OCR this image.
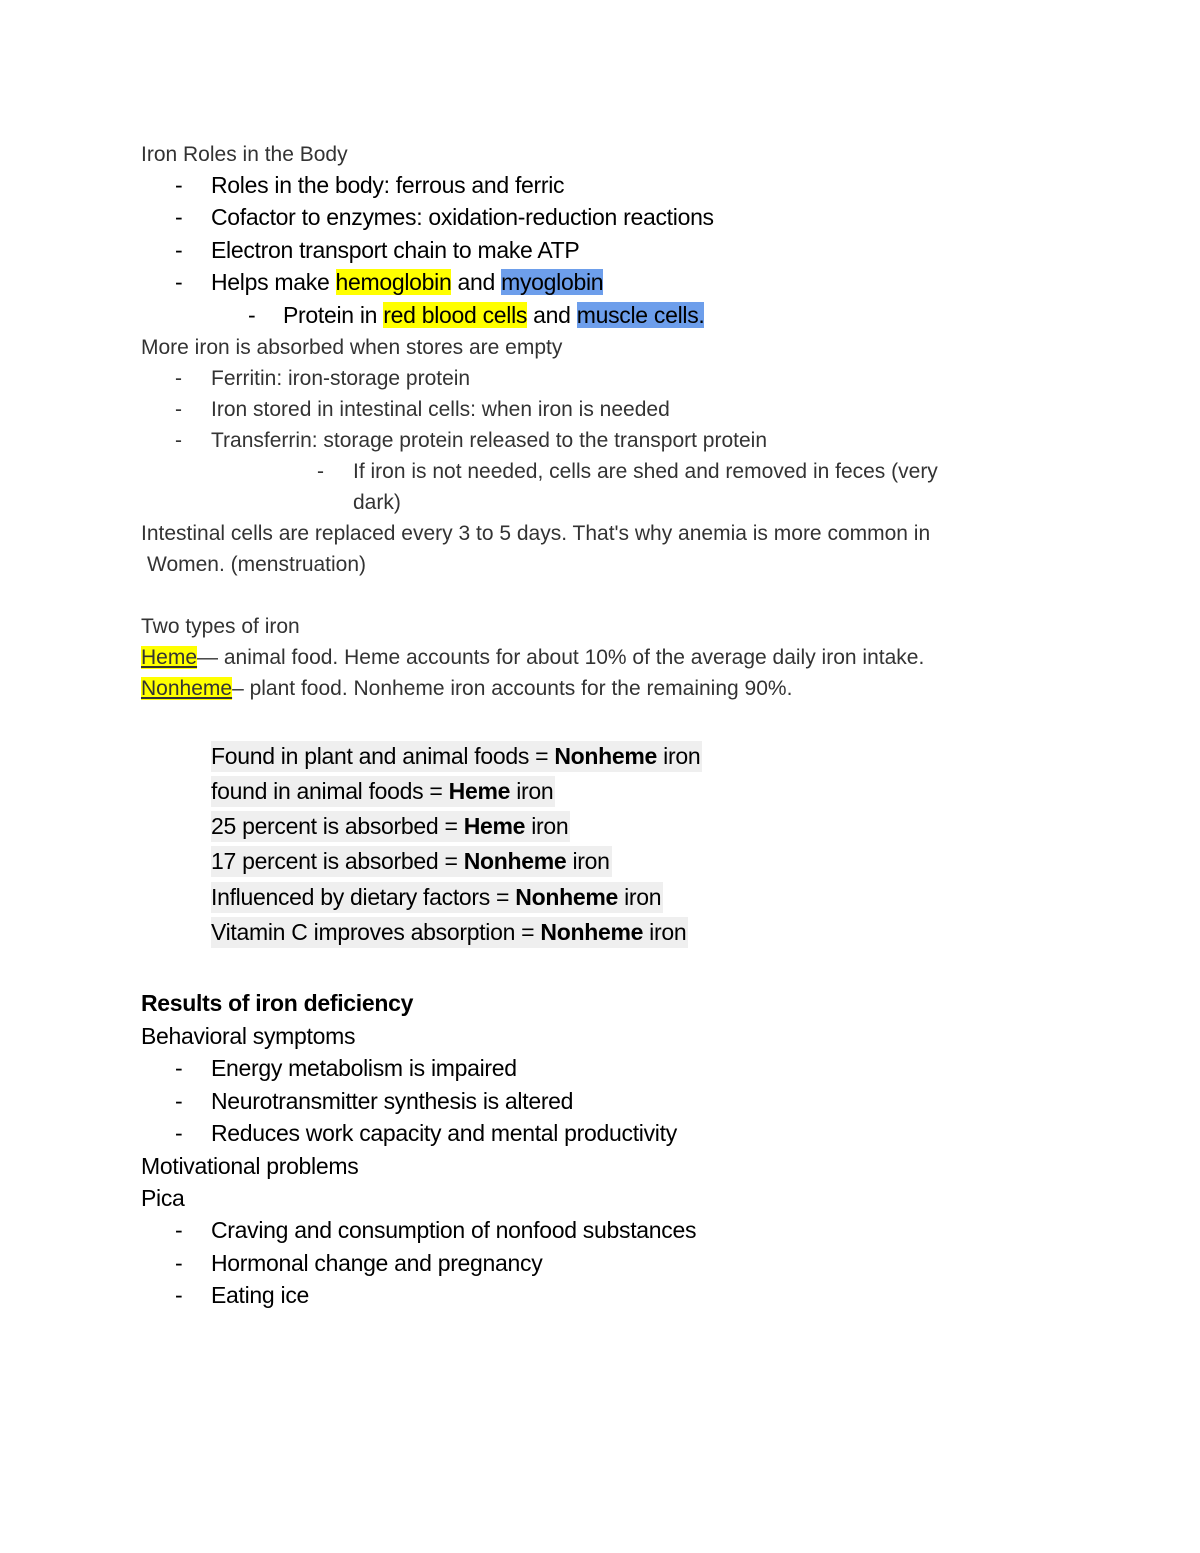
Iron Roles in the Body
- Roles in the body: ferrous and ferric
- Cofactor to enzymes: oxidation-reduction reactions
- Electron transport chain to make ATP
- Helps make hemoglobin and myoglobin
- Protein in red blood cells and muscle cells.
More iron is absorbed when stores are empty
- Ferritin: iron-storage protein
- Iron stored in intestinal cells: when iron is needed
- Transferrin: storage protein released to the transport protein
- If iron is not needed, cells are shed and removed in feces (very
dark)
Intestinal cells are replaced every 3 to 5 days. That's why anemia is more common in
Women. (menstruation)
Two types of iron
Heme— animal food. Heme accounts for about 10% of the average daily iron intake.
Nonheme– plant food. Nonheme iron accounts for the remaining 90%.
Found in plant and animal foods = Nonheme iron
found in animal foods = Heme iron
25 percent is absorbed = Heme iron
17 percent is absorbed = Nonheme iron
Influenced by dietary factors = Nonheme iron
Vitamin C improves absorption = Nonheme iron
Results of iron deficiency
Behavioral symptoms
- Energy metabolism is impaired
- Neurotransmitter synthesis is altered
- Reduces work capacity and mental productivity
Motivational problems
Pica
- Craving and consumption of nonfood substances
- Hormonal change and pregnancy
- Eating ice
